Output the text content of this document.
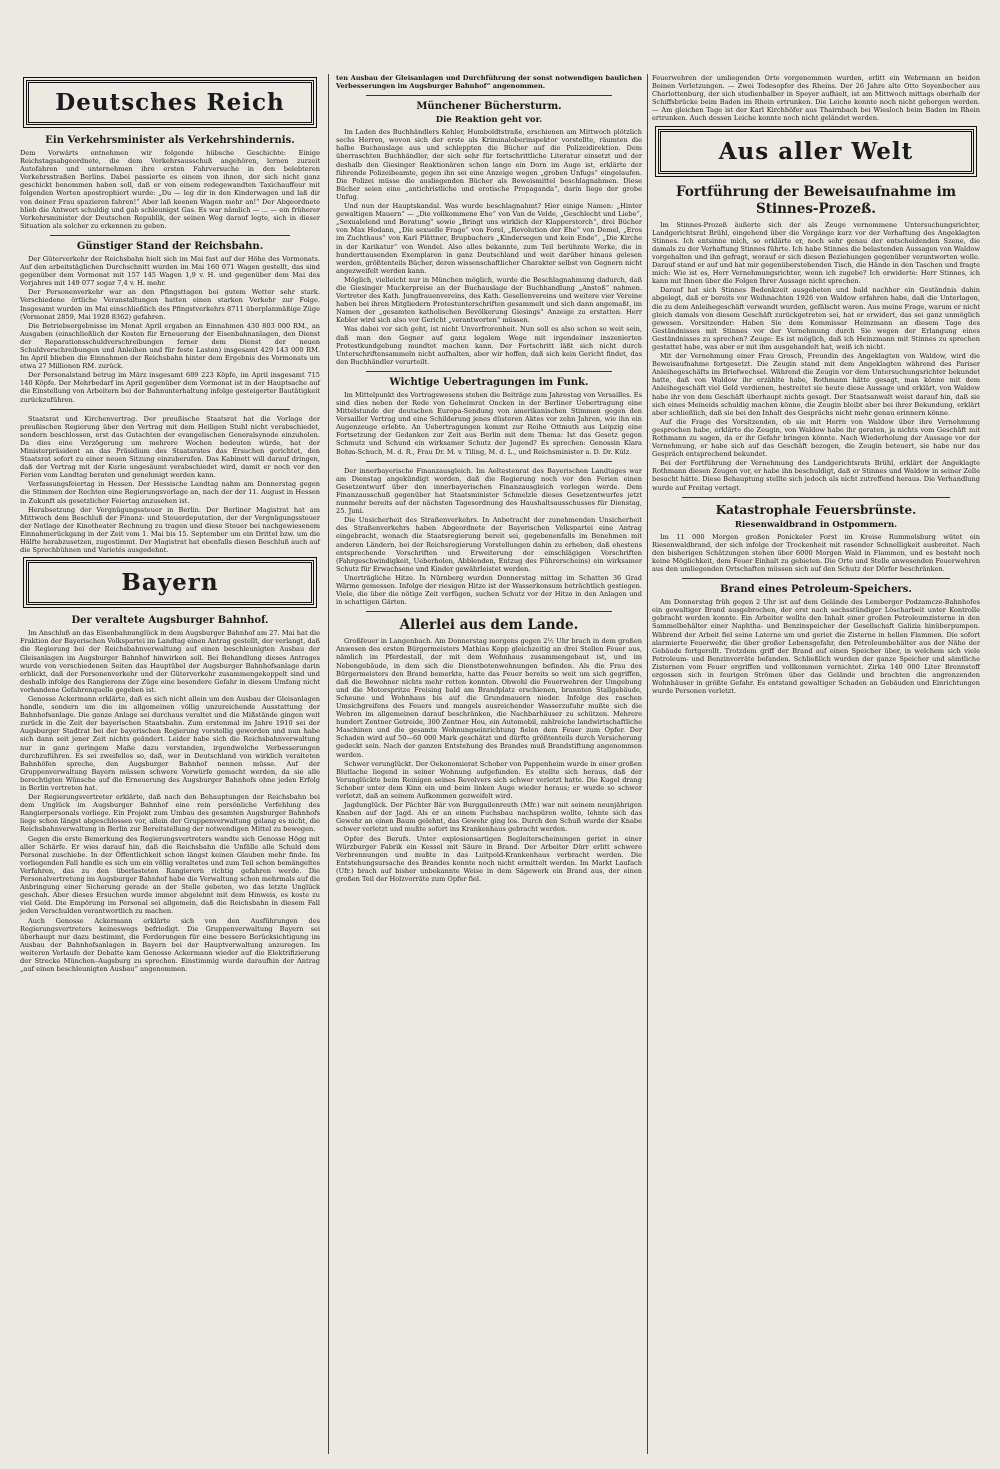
Deutsches Reich
Ein Verkehrsminister als Verkehrshindernis.
Dem Vorwärts entnehmen wir folgende hübsche Geschichte: Einige Reichstagsabgeordnete, die dem Verkehrsausschuß angehören, lernen zurzeit Autofahren und unternehmen ihre ersten Fahrversuche in den belebteren Verkehrsstraßen Berlins. Dabei passierte es einem von ihnen, der sich nicht ganz geschickt benommen haben soll, daß er von einem redegewandten Taxichauffeur mit folgenden Worten apostrophiert wurde: „Du — leg dir in den Kinderwagen und laß dir von deiner Frau spazieren fahren!“ Aber laß keenen Wagen mehr an!“ Der Abgeordnete blieb die Antwort schuldig und gab schleunigst Gas. Es war nämlich — ... — ein früherer Verkehrsminister der Deutschen Republik, der seinen Weg darauf legte, sich in dieser Situation als solcher zu erkennen zu geben.
Günstiger Stand der Reichsbahn.
Der Güterverkehr der Reichsbahn hielt sich im Mai fast auf der Höhe des Vormonats. Auf den arbeitstäglichen Durchschnitt wurden im Mai 160 071 Wagen gestellt, das sind gegenüber dem Vormonat mit 157 145 Wagen 1,9 v. H. und gegenüber dem Mai des Vorjahres mit 149 077 sogar 7,4 v. H. mehr.
Der Personenverkehr war an den Pfingsttagen bei gutem Wetter sehr stark. Verschiedene örtliche Veranstaltungen hatten einen starken Verkehr zur Folge. Insgesamt wurden im Mai einschließlich des Pfingstverkehrs 8711 überplanmäßige Züge (Vormonat 2859, Mai 1928 8362) gefahren.
Die Betriebsergebnisse im Monat April ergaben an Einnahmen 430 803 000 RM., an Ausgaben (einschließlich der Kosten für Erneuerung der Eisenbahnanlagen, den Dienst der Reparationsschuldverschreibungen ferner dem Dienst der neuen Schuldverschreibungen und Anleihen und für feste Lasten) insgesamt 429 143 000 RM. Im April blieben die Einnahmen der Reichsbahn hinter dem Ergebnis des Vormonats um etwa 27 Millionen RM. zurück.
Der Personalstand betrug im März insgesamt 689 223 Köpfe, im April insgesamt 715 140 Köpfe. Der Mehrbedarf im April gegenüber dem Vormonat ist in der Hauptsache auf die Einstellung von Arbeitern bei der Bahnunterhaltung infolge gesteigerter Bautätigkeit zurückzuführen.
Staatsrat und Kirchenvertrag. Der preußische Staatsrat hat die Vorlage der preußischen Regierung über den Vertrag mit dem Heiligen Stuhl nicht verabschiedet, sondern beschlossen, erst das Gutachten der evangelischen Generalsynode einzuholen. Da dies eine Verzögerung um mehrere Wochen bedeuten würde, hat der Ministerpräsident an das Präsidium des Staatsrates das Ersuchen gerichtet, den Staatsrat sofort zu einer neuen Sitzung einzuberufen. Das Kabinett will darauf dringen, daß der Vertrag mit der Kurie ungesäumt verabschiedet wird, damit er noch vor den Ferien vom Landtag beraten und genehmigt werden kann.
Verfassungsfeiertag in Hessen. Der Hessische Landtag nahm am Donnerstag gegen die Stimmen der Rechten eine Regierungsvorlage an, nach der der 11. August in Hessen in Zukunft als gesetzlicher Feiertag anzusehen ist.
Herabsetzung der Vergnügungssteuer in Berlin. Der Berliner Magistrat hat am Mittwoch dem Beschluß der Finanz- und Steuerdeputation, der der Vergnügungssteuer der Notlage der Kinotheater Rechnung zu tragen und diese Steuer bei nachgewiesenem Einnahmerückgang in der Zeit vom 1. Mai bis 15. September um ein Drittel bzw. um die Hälfte herabzusetzen, zugestimmt. Der Magistrat hat ebenfalls diesen Beschluß auch auf die Sprechbühnen und Varietés ausgedehnt.
Bayern
Der veraltete Augsburger Bahnhof.
Im Anschluß an das Eisenbahnunglück in dem Augsburger Bahnhof am 27. Mai hat die Fraktion der Bayerischen Volkspartei im Landtag einen Antrag gestellt, der verlangt, daß die Regierung bei der Reichsbahnverwaltung auf einen beschleunigten Ausbau der Gleisanlagen im Augsburger Bahnhof hinwirken soll. Bei Behandlung dieses Antrages wurde von verschiedenen Seiten das Hauptübel der Augsburger Bahnhofsanlage darin erblickt, daß der Personenverkehr und der Güterverkehr zusammengekoppelt sind und deshalb infolge des Rangierens der Züge eine besondere Gefahr in diesem Umfang nicht vorhandene Gefahrenquelle gegeben ist.
Genosse Ackermann erklärte, daß es sich nicht allein um den Ausbau der Gleisanlagen handle, sondern um die im allgemeinen völlig unzureichende Ausstattung der Bahnhofsanlage. Die ganze Anlage sei durchaus veraltet und die Mißstände gingen weit zurück in die Zeit der bayerischen Staatsbahn. Zum erstenmal im Jahre 1910 sei der Augsburger Stadtrat bei der bayerischen Regierung vorstellig geworden und nun habe sich dann seit jener Zeit nichts geändert. Leider habe sich die Reichsbahnverwaltung nur in ganz geringem Maße dazu verstanden, irgendwelche Verbesserungen durchzuführen. Es sei zweifellos so, daß, wer in Deutschland von wirklich veralteten Bahnhöfen spreche, den Augsburger Bahnhof nennen müsse. Auf der Gruppenverwaltung Bayern müssen schwere Vorwürfe gemacht werden, da sie alle berechtigten Wünsche auf die Erneuerung des Augsburger Bahnhofs ohne jeden Erfolg in Berlin vertreten hat.
Der Regierungsvertreter erklärte, daß nach den Behauptungen der Reichsbahn bei dem Unglück im Augsburger Bahnhof eine rein persönliche Verfehlung des Rangierpersonals vorliege. Ein Projekt zum Umbau des gesamten Augsburger Bahnhofs liege schon längst abgeschlossen vor, allein der Gruppenverwaltung gelang es nicht, die Reichsbahnverwaltung in Berlin zur Bereitstellung der notwendigen Mittel zu bewegen.
Gegen die erste Bemerkung des Regierungsvertreters wandte sich Genosse Högg mit aller Schärfe. Er wies darauf hin, daß die Reichsbahn die Unfälle alle Schuld dem Personal zuschiebe. In der Öffentlichkeit schon längst keinen Glauben mehr finde. Im vorliegenden Fall handle es sich um ein völlig veraltetes und zum Teil schon bemängeltes Verfahren, das zu den überlasteten Rangierern richtig gefahren werde. Die Personalvertretung im Augsburger Bahnhof habe die Verwaltung schon mehrmals auf die Anbringung einer Sicherung gerade an der Stelle gebeten, wo das letzte Unglück geschah. Aber dieses Ersuchen wurde immer abgelehnt mit dem Hinweis, es koste zu viel Geld. Die Empörung im Personal sei allgemein, daß die Reichsbahn in diesem Fall jeden Verschulden verantwortlich zu machen.
Auch Genosse Ackermann erklärte sich von den Ausführungen des Regierungsvertreters keineswegs befriedigt. Die Gruppenverwaltung Bayern sei überhaupt nur dazu bestimmt, die Forderungen für eine bessere Berücksichtigung im Ausbau der Bahnhofsanlagen in Bayern bei der Hauptverwaltung anzuregen. Im weiteren Verlaufe der Debatte kam Genosse Ackermann wieder auf die Elektrifizierung der Strecke München–Augsburg zu sprechen. Einstimmig wurde daraufhin der Antrag „auf einen beschleunigten Ausbau“ angenommen.
ten Ausbau der Gleisanlagen und Durchführung der sonst notwendigen baulichen Verbesserungen im Augsburger Bahnhof“ angenommen.
Münchener Büchersturm.
Die Reaktion geht vor.
Im Laden des Buchhändlers Kehler, Humboldtstraße, erschienen am Mittwoch plötzlich sechs Herren, wovon sich der erste als Kriminaloberinspektor vorstellte, räumten die halbe Buchauslage aus und schleppten die Bücher auf die Polizeidirektion. Dem überraschten Buchhändler, der sich sehr für fortschrittliche Literatur einsetzt und der deshalb den Giesinger Reaktionären schon lange ein Dorn im Auge ist, erklärte der führende Polizeibeamte, gegen ihn sei eine Anzeige wegen „groben Unfugs“ eingelaufen. Die Polizei müsse die ausliegenden Bücher als Beweismittel beschlagnahmen. Diese Bücher seien eine „antichristliche und erotische Propaganda“, darin liege der grobe Unfug.
Und nun der Hauptskandal. Was wurde beschlagnahmt? Hier einige Namen: „Hinter gewaltigen Mauern“ — „Die vollkommene Ehe“ von Van de Velde, „Geschlecht und Liebe“, „Sexualelend und Beratung“ sowie „Bringt uns wirklich der Klapperstorch“, drei Bücher von Max Hodann, „Die sexuelle Frage“ von Forel, „Revolution der Ehe“ von Demel, „Eros im Zuchthaus“ von Karl Plättner, Brupbachers „Kindersegen und kein Ende“, „Die Kirche in der Karikatur“ von Wendel. Also alles bekannte, zum Teil berühmte Werke, die in hunderttausenden Exemplaren in ganz Deutschland und weit darüber hinaus gelesen werden, größtenteils Bücher, deren wissenschaftlicher Charakter selbst von Gegnern nicht angezweifelt werden kann.
Möglich, vielleicht nur in München möglich, wurde die Beschlagnahmung dadurch, daß die Giesinger Muckerpreise an der Buchauslage der Buchhandlung „Anstoß“ nahmen. Vertreter des Kath. Jungfrauenvereins, des Kath. Gesellenvereins und weitere vier Vereine haben bei ihren Mitgliedern Protestunterschriften gesammelt und sich dann angemaßt, im Namen der „gesamten katholischen Bevölkerung Giesings“ Anzeige zu erstatten. Herr Kebler wird sich also vor Gericht „verantworten“ müssen.
Was dabei vor sich geht, ist nicht Unverfrorenheit. Nun soll es also schon so weit sein, daß man den Gegner auf ganz legalem Wege mit irgendeiner inszenierten Protestkundgebung mundtot machen kann. Der Fortschritt läßt sich nicht durch Unterschriftensammeln nicht aufhalten, aber wir hoffen, daß sich kein Gericht findet, das den Buchhändler verurteilt.
Wichtige Uebertragungen im Funk.
Im Mittelpunkt des Vortragswesens stehen die Beiträge zum Jahrestag von Versailles. Es sind dies neben der Rede von Geheimrat Oncken in der Berliner Uebertragung eine Mittelstunde der deutschen Europa-Sendung von amerikanischen Stimmen gegen den Versailler Vertrag und eine Schilderung jenes düsteren Aktes vor zehn Jahren, wie ihn ein Augenzeuge erlebte. An Uebertragungen kommt zur Reihe Ottmuth aus Leipzig eine Fortsetzung der Gedanken zur Zeit aus Berlin mit dem Thema: Ist das Gesetz gegen Schmutz und Schund ein wirksamer Schutz der Jugend? Es sprechen: Genossin Klara Bohm-Schuch, M. d. R., Frau Dr. M. v. Tiling, M. d. L., und Reichsminister a. D. Dr. Külz.
Der innerbayerische Finanzausgleich. Im Aeltestenrat des Bayerischen Landtages war am Dienstag angekündigt worden, daß die Regierung noch vor den Ferien einen Gesetzentwurf über den innerbayerischen Finanzausgleich vorlegen werde. Dem Finanzausschuß gegenüber hat Staatsminister Schmelzle dieses Gesetzentwurfes jetzt nunmehr bereits auf der nächsten Tagesordnung des Haushaltsausschusses für Dienstag, 25. Juni.
Die Unsicherheit des Straßenverkehrs. In Anbetracht der zunehmenden Unsicherheit des Straßenverkehrs haben Abgeordnete der Bayerischen Volkspartei eine Antrag eingebracht, wonach die Staatsregierung bereit sei, gegebenenfalls im Benehmen mit anderen Ländern, bei der Reichsregierung Vorstellungen dahin zu erheben, daß ehestens entsprechende Vorschriften und Erweiterung der einschlägigen Vorschriften (Fahrgeschwindigkeit, Ueberholen, Abblenden, Entzug des Führerscheins) ein wirksamer Schutz für Erwachsene und Kinder gewährleistet werden.
Unerträgliche Hitze. In Nürnberg wurden Donnerstag mittag im Schatten 36 Grad Wärme gemessen. Infolge der riesigen Hitze ist der Wasserkonsum beträchtlich gestiegen. Viele, die über die nötige Zeit verfügen, suchen Schutz vor der Hitze in den Anlagen und in schattigen Gärten.
Allerlei aus dem Lande.
Großfeuer in Langenbach. Am Donnerstag morgens gegen 2½ Uhr brach in dem großen Anwesen des ersten Bürgermeisters Mathias Kopp gleichzeitig an drei Stellen Feuer aus, nämlich im Pferdestall, der mit dem Wohnhaus zusammengebaut ist, und im Nebengebäude, in dem sich die Dienstbotenwohnungen befinden. Als die Frau des Bürgermeisters den Brand bemerkte, hatte das Feuer bereits so weit um sich gegriffen, daß die Bewohner nichts mehr retten konnten. Obwohl die Feuerwehren der Umgebung und die Motorspritze Freising bald am Brandplatz erschienen, brannten Stallgebäude, Scheune und Wohnhaus bis auf die Grundmauern nieder. Infolge des raschen Umsichgreifens des Feuers und mangels ausreichender Wasserzufuhr mußte sich die Wehren im allgemeinen darauf beschränken, die Nachbarhäuser zu schützen. Mehrere hundert Zentner Getreide, 300 Zentner Heu, ein Automobil, zahlreiche landwirtschaftliche Maschinen und die gesamte Wohnungseinrichtung fielen dem Feuer zum Opfer. Der Schaden wird auf 50—60 000 Mark geschätzt und dürfte größtenteils durch Versicherung gedeckt sein. Nach der ganzen Entstehung des Brandes muß Brandstiftung angenommen werden.
Schwer verunglückt. Der Oekonomierat Schober von Pappenheim wurde in einer großen Blutlache liegend in seiner Wohnung aufgefunden. Es stellte sich heraus, daß der Verunglückte beim Reinigen seines Revolvers sich schwer verletzt hatte. Die Kugel drang Schober unter dem Kinn ein und beim linken Auge wieder heraus; er wurde so schwer verletzt, daß an seinem Aufkommen gezweifelt wird.
Jagdunglück. Der Pächter Bär von Burggailenreuth (Mfr.) war mit seinem neunjährigen Knaben auf der Jagd. Als er an einem Fuchsbau nachspüren wollte, lehnte sich das Gewehr an einen Baum gelehnt, das Gewehr ging los. Durch den Schuß wurde der Knabe schwer verletzt und mußte sofort ins Krankenhaus gebracht werden.
Opfer des Berufs. Unter explosionsartigen Begleiterscheinungen geriet in einer Würzburger Fabrik ein Kessel mit Säure in Brand. Der Arbeiter Dürr erlitt schwere Verbrennungen und mußte in das Luitpold-Krankenhaus verbracht werden. Die Entstehungsursache des Brandes konnte noch nicht ermittelt werden. Im Markt Laufach (Ufr.) brach auf bisher unbekannte Weise in dem Sägewerk ein Brand aus, der einen großen Teil der Holzvorräte zum Opfer fiel.
Feuerwehren der umliegenden Orte vorgenommen wurden, erlitt ein Wehrmann an beiden Beinen Verletzungen. — Zwei Todesopfer des Rheins. Der 26 Jahre alte Otto Seyenbecher aus Charlottenburg, der sich studienhalber in Speyer aufhielt, ist am Mittwoch mittags oberhalb der Schiffsbrücke beim Baden im Rhein ertrunken. Die Leiche konnte noch nicht geborgen werden. — Am gleichen Tage ist der Karl Kirchhöfer aus Thairnbach bei Wiesloch beim Baden im Rhein ertrunken. Auch dessen Leiche konnte noch nicht geländet werden.
Aus aller Welt
Fortführung der Beweisaufnahme im Stinnes-Prozeß.
Im Stinnes-Prozeß äußerte sich der als Zeuge vernommene Untersuchungsrichter, Landgerichtsrat Brühl, eingehend über die Vorgänge kurz vor der Verhaftung des Angeklagten Stinnes. Ich entsinne mich, so erklärte er, noch sehr genau der entscheidenden Szene, die damals zu der Verhaftung Stinnes führte. Ich habe Stinnes die belastenden Aussagen von Waldow vorgehalten und ihn gefragt, worauf er sich diesen Beziehungen gegenüber verantworten wolle. Darauf stand er auf und hat mir gegenüberstehenden Tisch, die Hände in den Taschen und fragte mich: Wie ist es, Herr Vernehmungsrichter, wenn ich zugebe? Ich erwiderte: Herr Stinnes, ich kann mit Ihnen über die Folgen Ihrer Aussage nicht sprechen.
Darauf hat sich Stinnes Bedenkzeit ausgebeten und bald nachher ein Geständnis dahin abgelegt, daß er bereits vor Weihnachten 1926 von Waldow erfahren habe, daß die Unterlagen, die zu dem Anleihegeschäft verwandt wurden, gefälscht waren. Aus meine Frage, warum er nicht gleich damals von diesem Geschäft zurückgetreten sei, hat er erwidert, das sei ganz unmöglich gewesen. Vorsitzender: Haben Sie dem Kommissar Heinzmann an diesem Tage des Geständnisses mit Stinnes vor der Vernehmung durch Sie wegen der Erlangung eines Geständnisses zu sprechen? Zeuge: Es ist möglich, daß ich Heinzmann mit Stinnes zu sprechen gestattet habe, was aber er mit ihm ausgehandelt hat, weiß ich nicht.
Mit der Vernehmung einer Frau Grosch, Freundin des Angeklagten von Waldow, wird die Beweisaufnahme fortgesetzt. Die Zeugin stand mit dem Angeklagten während des Pariser Anleihegeschäfts im Briefwechsel. Während die Zeugin vor dem Untersuchungsrichter bekundet hatte, daß von Waldow ihr erzählte habe, Rothmann hätte gesagt, man könne mit dem Anleihegeschäft viel Geld verdienen, bestreitet sie heute diese Aussage und erklärt, von Waldow habe ihr von dem Geschäft überhaupt nichts gesagt. Der Staatsanwalt weist darauf hin, daß sie sich eines Meineids schuldig machen könne, die Zeugin bleibt aber bei ihrer Bekundung, erklärt aber schließlich, daß sie bei den Inhalt des Gesprächs nicht mehr genau erinnern könne.
Auf die Frage des Vorsitzenden, ob sie mit Herrn von Waldow über ihre Vernehmung gesprochen habe, erklärte die Zeugin, von Waldow habe ihr geraten, ja nichts vom Geschäft mit Rothmann zu sagen, da er ihr Gefahr bringen könnte. Nach Wiederholung der Aussage vor der Vernehmung, er habe sich auf das Geschäft bezogen, die Zeugin beteuert, sie habe nur das Gespräch entsprechend bekundet.
Bei der Fortführung der Vernehmung des Landgerichtsrats Brühl, erklärt der Angeklagte Rothmann diesen Zeugen vor, er habe ihn beschuldigt, daß er Stinnes und Waldow in seiner Zelle besucht hätte. Diese Behauptung stellte sich jedoch als nicht zutreffend heraus. Die Verhandlung wurde auf Freitag vertagt.
Katastrophale Feuersbrünste.
Riesenwaldbrand in Ostpommern.
Im 11 000 Morgen großen Ponickeler Forst im Kreise Rummelsburg wütet ein Riesenwaldbrand, der sich infolge der Trockenheit mit rasender Schnelligkeit ausbreitet. Nach den bisherigen Schätzungen stehen über 6000 Morgen Wald in Flammen, und es besteht noch keine Möglichkeit, dem Feuer Einhalt zu gebieten. Die Orte und Stelle anwesenden Feuerwehren aus den umliegenden Ortschaften müssen sich auf den Schutz der Dörfer beschränken.
Brand eines Petroleum-Speichers.
Am Donnerstag früh gegen 2 Uhr ist auf dem Gelände des Lemberger Podzamcze-Bahnhofes ein gewaltiger Brand ausgebrochen, der erst nach sechsstündiger Löscharbeit unter Kontrolle gebracht werden konnte. Ein Arbeiter wollte den Inhalt einer großen Petroleumzisterne in den Sammelbehälter einer Naphtha- und Benzinspeicher der Gesellschaft Galizia hinüberpumpen. Während der Arbeit fiel seine Laterne um und geriet die Zisterne in hellen Flammen. Die sofort alarmierte Feuerwehr, die über großer Lebensgefahr, den Petroleumbehälter aus der Nähe der Gebäude fortgerollt. Trotzdem griff der Brand auf einen Speicher über, in welchem sich viele Petroleum- und Benzinvorräte befanden. Schließlich wurden der ganze Speicher und sämtliche Zisternen vom Feuer ergriffen und vollkommen vernichtet. Zirka 140 000 Liter Brennstoff ergossen sich in feurigen Strömen über das Gelände und brachten die angrenzenden Wohnhäuser in größte Gefahr. Es entstand gewaltiger Schaden an Gebäuden und Einrichtungen wurde Personen verletzt.
